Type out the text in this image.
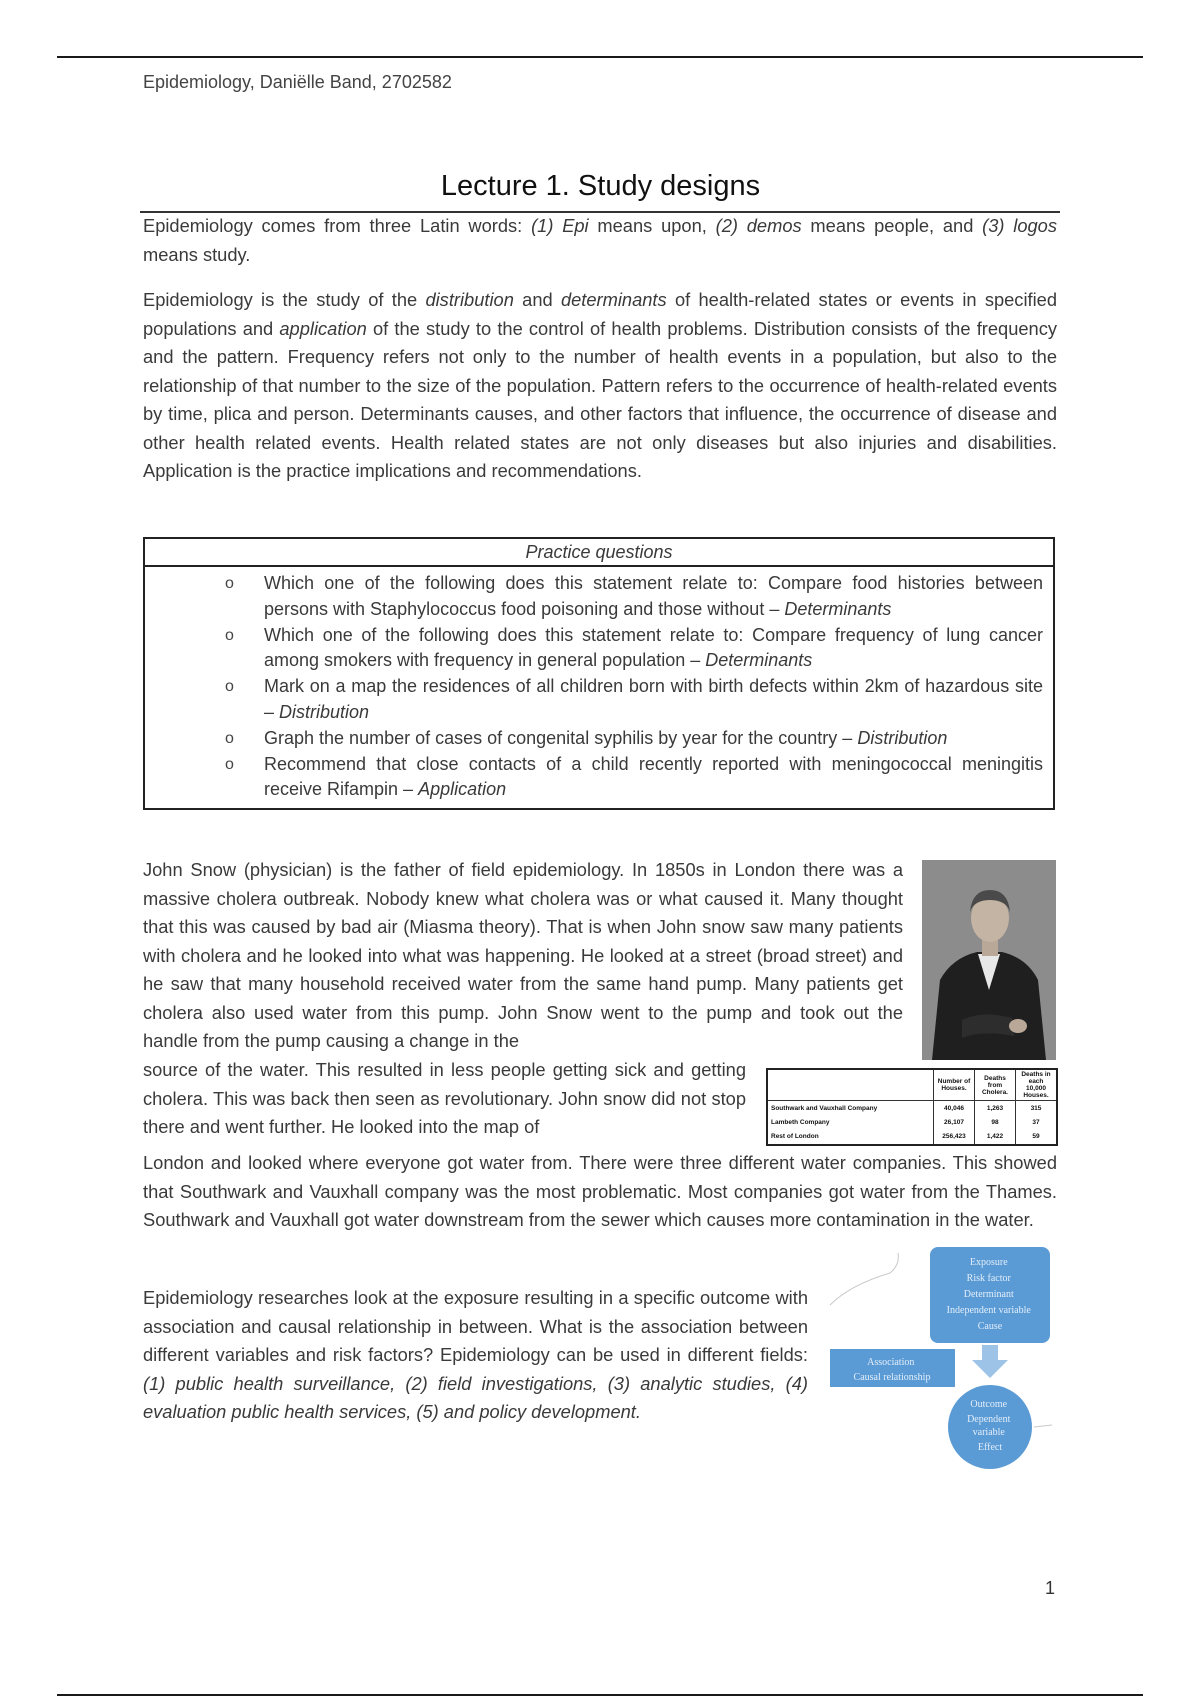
Epidemiology, Daniëlle Band, 2702582
Lecture 1. Study designs
Epidemiology comes from three Latin words: (1) Epi means upon, (2) demos means people, and (3) logos means study.
Epidemiology is the study of the distribution and determinants of health-related states or events in specified populations and application of the study to the control of health problems. Distribution consists of the frequency and the pattern. Frequency refers not only to the number of health events in a population, but also to the relationship of that number to the size of the population. Pattern refers to the occurrence of health-related events by time, plica and person. Determinants causes, and other factors that influence, the occurrence of disease and other health related events. Health related states are not only diseases but also injuries and disabilities. Application is the practice implications and recommendations.
Practice questions
o Which one of the following does this statement relate to: Compare food histories between persons with Staphylococcus food poisoning and those without – Determinants
o Which one of the following does this statement relate to: Compare frequency of lung cancer among smokers with frequency in general population – Determinants
o Mark on a map the residences of all children born with birth defects within 2km of hazardous site – Distribution
o Graph the number of cases of congenital syphilis by year for the country – Distribution
o Recommend that close contacts of a child recently reported with meningococcal meningitis receive Rifampin – Application
John Snow (physician) is the father of field epidemiology. In 1850s in London there was a massive cholera outbreak. Nobody knew what cholera was or what caused it. Many thought that this was caused by bad air (Miasma theory). That is when John snow saw many patients with cholera and he looked into what was happening. He looked at a street (broad street) and he saw that many household received water from the same hand pump. Many patients get cholera also used water from this pump. John Snow went to the pump and took out the handle from the pump causing a change in the
source of the water. This resulted in less people getting sick and getting cholera. This was back then seen as revolutionary. John snow did not stop there and went further. He looked into the map of
	Number of Houses.	Deaths from Cholera.	Deaths in each 10,000 Houses.
Southwark and Vauxhall Company	40,046	1,263	315
Lambeth Company	26,107	98	37
Rest of London	256,423	1,422	59
London and looked where everyone got water from. There were three different water companies. This showed that Southwark and Vauxhall company was the most problematic. Most companies got water from the Thames. Southwark and Vauxhall got water downstream from the sewer which causes more contamination in the water.
Epidemiology researches look at the exposure resulting in a specific outcome with association and causal relationship in between. What is the association between different variables and risk factors? Epidemiology can be used in different fields: (1) public health surveillance, (2) field investigations, (3) analytic studies, (4) evaluation public health services, (5) and policy development.
Exposure Risk factor Determinant Independent variable Cause
Association Causal relationship
Outcome Dependent variable Effect
1
